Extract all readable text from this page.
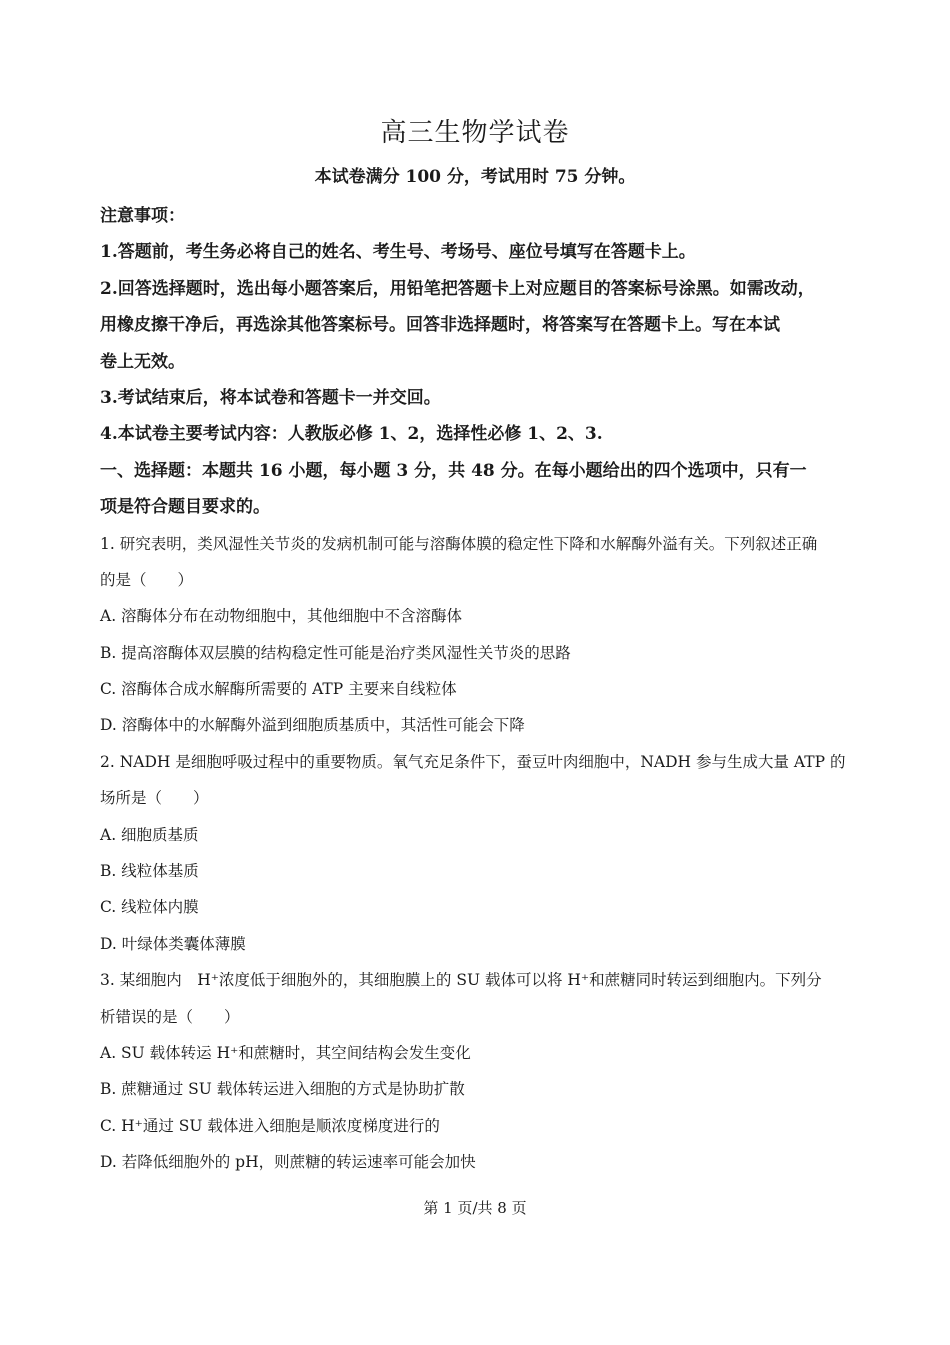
高三生物学试卷
本试卷满分 100 分，考试用时 75 分钟。
注意事项：
1.答题前，考生务必将自己的姓名、考生号、考场号、座位号填写在答题卡上。
2.回答选择题时，选出每小题答案后，用铅笔把答题卡上对应题目的答案标号涂黑。如需改动，
用橡皮擦干净后，再选涂其他答案标号。回答非选择题时，将答案写在答题卡上。写在本试
卷上无效。
3.考试结束后，将本试卷和答题卡一并交回。
4.本试卷主要考试内容：人教版必修 1、2，选择性必修 1、2、3.
一、选择题：本题共 16 小题，每小题 3 分，共 48 分。在每小题给出的四个选项中，只有一
项是符合题目要求的。
1. 研究表明，类风湿性关节炎的发病机制可能与溶酶体膜的稳定性下降和水解酶外溢有关。下列叙述正确
的是（　　）
A. 溶酶体分布在动物细胞中，其他细胞中不含溶酶体
B. 提高溶酶体双层膜的结构稳定性可能是治疗类风湿性关节炎的思路
C. 溶酶体合成水解酶所需要的 ATP 主要来自线粒体
D. 溶酶体中的水解酶外溢到细胞质基质中，其活性可能会下降
2. NADH 是细胞呼吸过程中的重要物质。氧气充足条件下，蚕豆叶肉细胞中，NADH 参与生成大量 ATP 的
场所是（　　）
A. 细胞质基质
B. 线粒体基质
C. 线粒体内膜
D. 叶绿体类囊体薄膜
3. 某细胞内　H⁺浓度低于细胞外的，其细胞膜上的 SU 载体可以将 H⁺和蔗糖同时转运到细胞内。下列分
析错误的是（　　）
A. SU 载体转运 H⁺和蔗糖时，其空间结构会发生变化
B. 蔗糖通过 SU 载体转运进入细胞的方式是协助扩散
C. H⁺通过 SU 载体进入细胞是顺浓度梯度进行的
D. 若降低细胞外的 pH，则蔗糖的转运速率可能会加快
第 1 页/共 8 页
